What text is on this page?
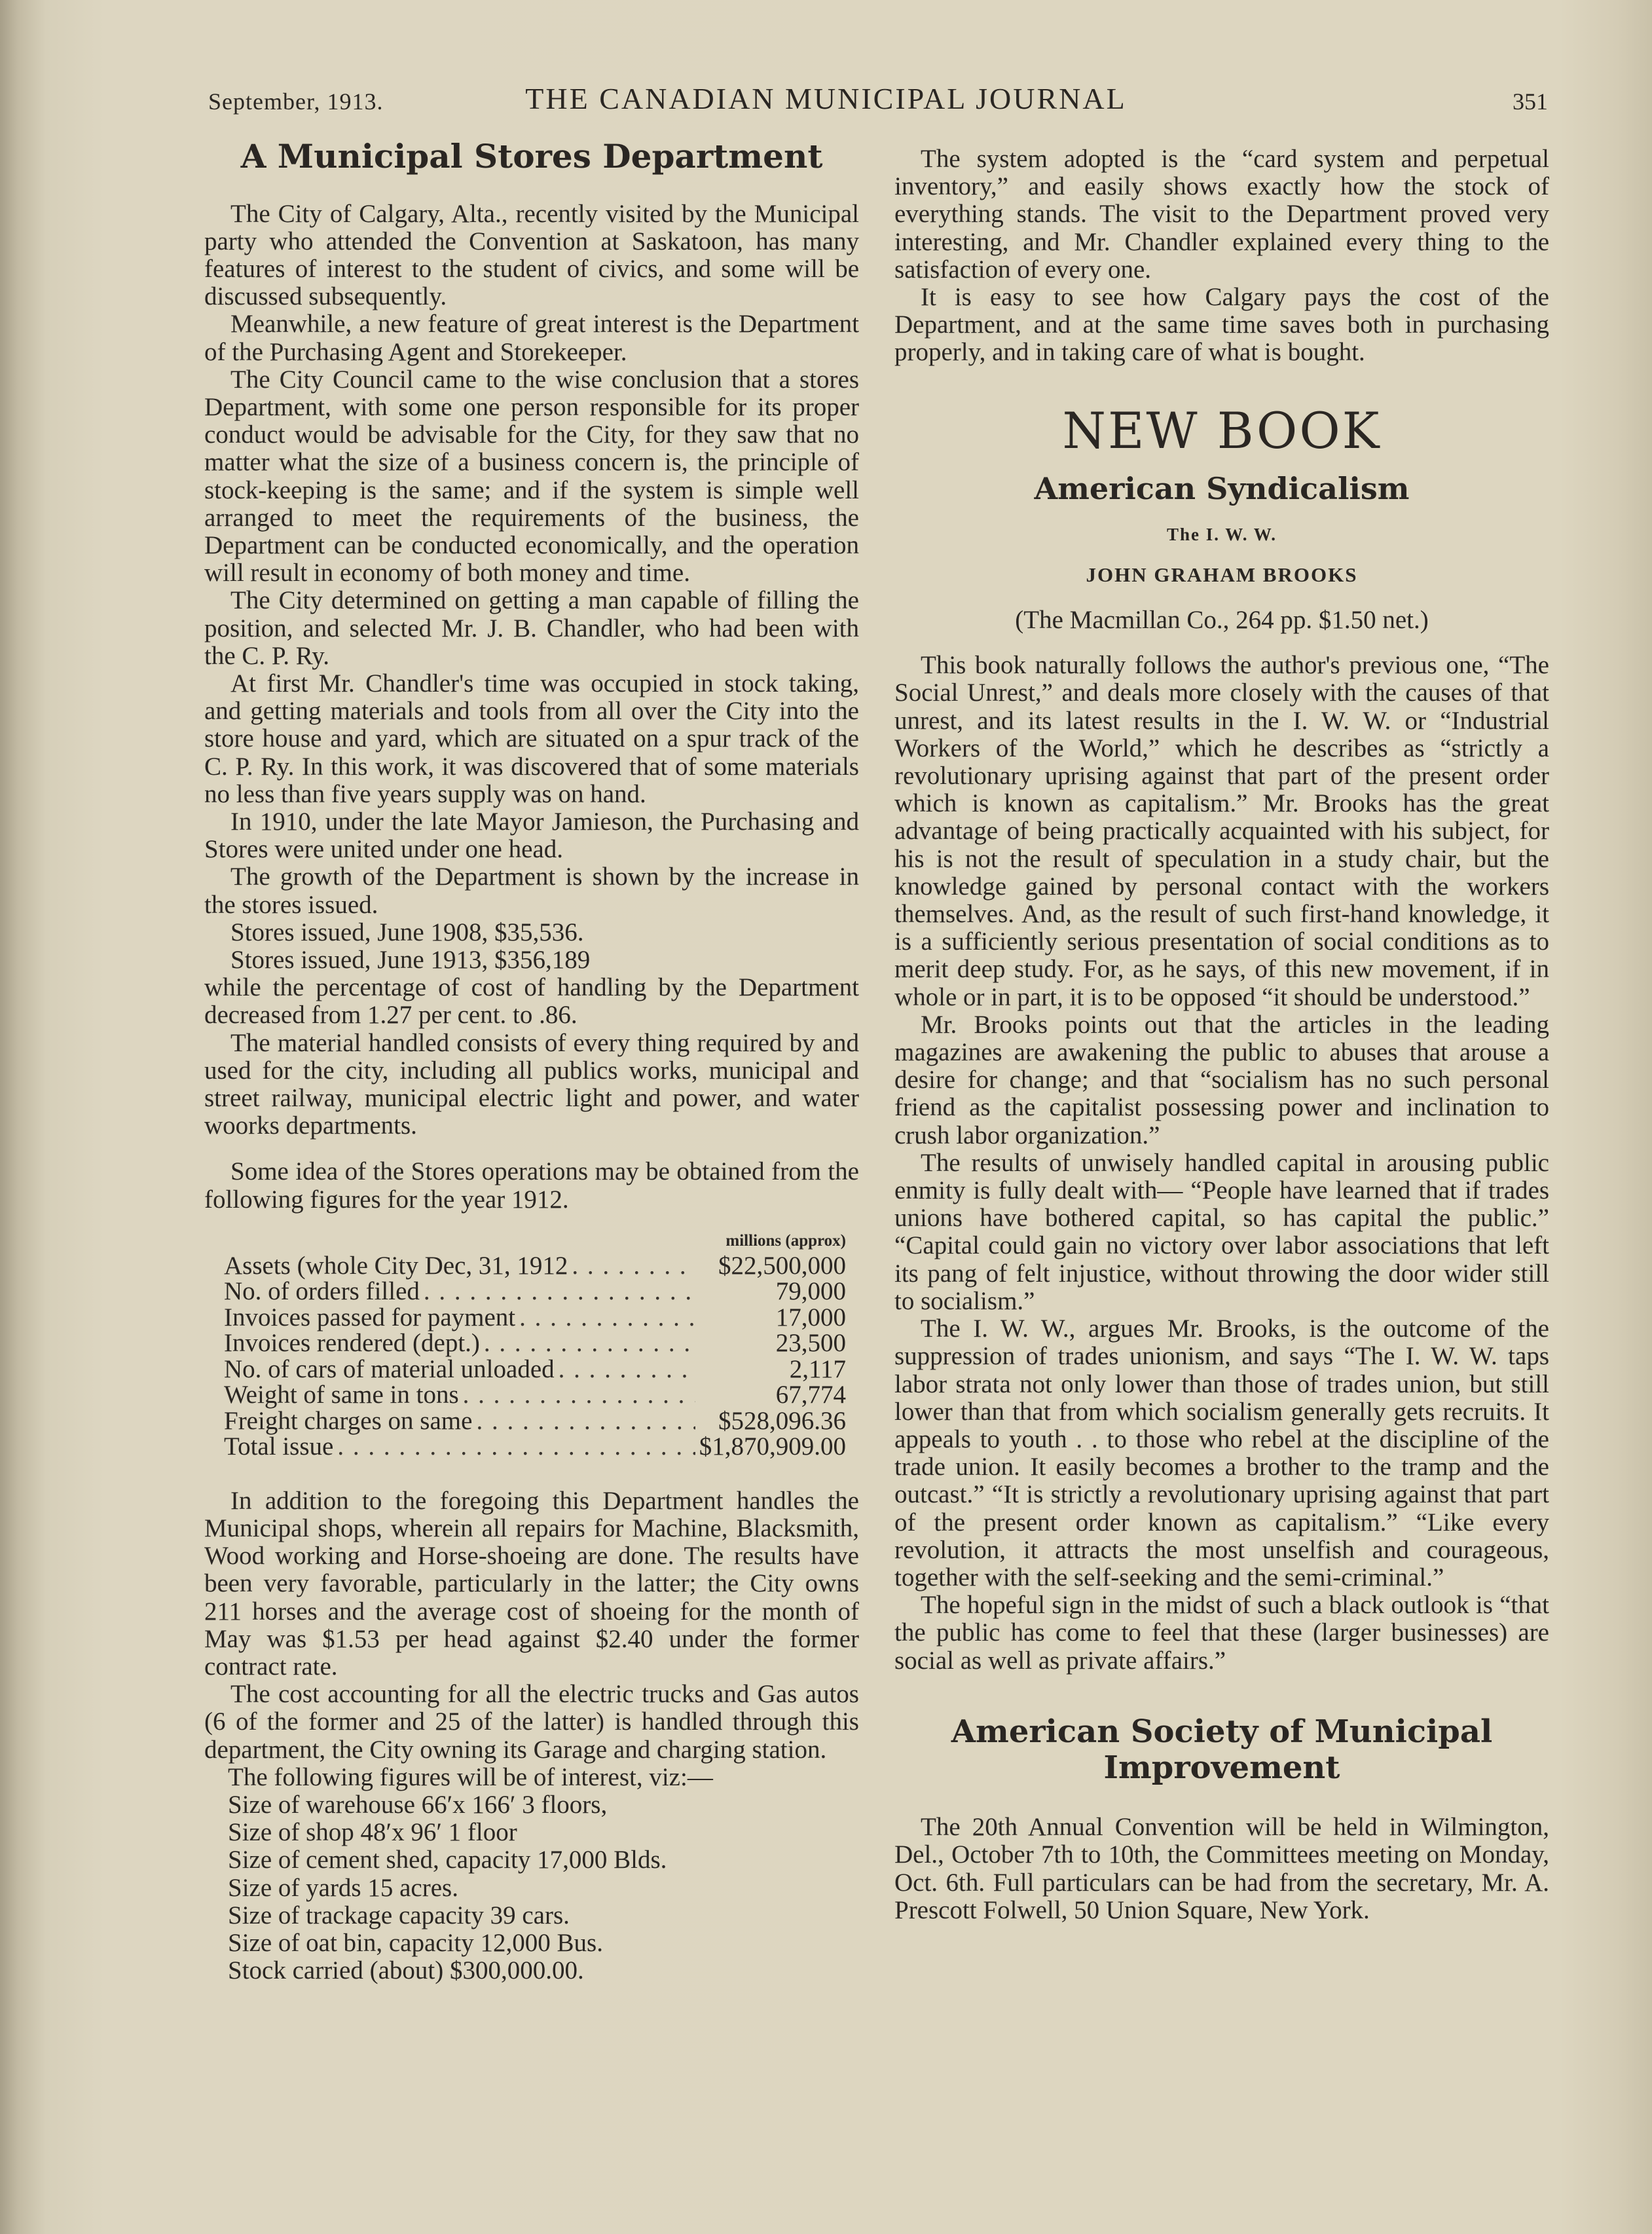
September, 1913.	THE CANADIAN MUNICIPAL JOURNAL	351
A Municipal Stores Department

The City of Calgary, Alta., recently visited by the Municipal party who attended the Convention at Saskatoon, has many features of interest to the student of civics, and some will be discussed subsequently.

Meanwhile, a new feature of great interest is the Department of the Purchasing Agent and Storekeeper.

The City Council came to the wise conclusion that a stores Department, with some one person responsible for its proper conduct would be advisable for the City, for they saw that no matter what the size of a business concern is, the principle of stock-keeping is the same; and if the system is simple well arranged to meet the requirements of the business, the Department can be conducted economically, and the operation will result in economy of both money and time.

The City determined on getting a man capable of filling the position, and selected Mr. J. B. Chandler, who had been with the C. P. Ry.

At first Mr. Chandler's time was occupied in stock taking, and getting materials and tools from all over the City into the store house and yard, which are situated on a spur track of the C. P. Ry. In this work, it was discovered that of some materials no less than five years supply was on hand.

In 1910, under the late Mayor Jamieson, the Purchasing and Stores were united under one head.

The growth of the Department is shown by the increase in the stores issued.

Stores issued, June 1908, $35,536.

Stores issued, June 1913, $356,189

while the percentage of cost of handling by the Department decreased from 1.27 per cent. to .86.

The material handled consists of every thing required by and used for the city, including all publics works, municipal and street railway, municipal electric light and power, and water woorks departments.

Some idea of the Stores operations may be obtained from the following figures for the year 1912.

millions (approx)
Assets (whole City Dec, 31, 1912 . . .	$22,500,000
No. of orders filled . . .	79,000
Invoices passed for payment . . .	17,000
Invoices rendered (dept.) . . .	23,500
No. of cars of material unloaded . . .	2,117
Weight of same in tons . . .	67,774
Freight charges on same . . .	$528,096.36
Total issue . . .	$1,870,909.00

In addition to the foregoing this Department handles the Municipal shops, wherein all repairs for Machine, Blacksmith, Wood working and Horse-shoeing are done. The results have been very favorable, particularly in the latter; the City owns 211 horses and the average cost of shoeing for the month of May was $1.53 per head against $2.40 under the former contract rate.

The cost accounting for all the electric trucks and Gas autos (6 of the former and 25 of the latter) is handled through this department, the City owning its Garage and charging station.

The following figures will be of interest, viz:—

Size of warehouse 66′x 166′ 3 floors,

Size of shop 48′x 96′ 1 floor

Size of cement shed, capacity 17,000 Blds.

Size of yards 15 acres.

Size of trackage capacity 39 cars.

Size of oat bin, capacity 12,000 Bus.

Stock carried (about) $300,000.00.

The system adopted is the “card system and perpetual inventory,” and easily shows exactly how the stock of everything stands. The visit to the Department proved very interesting, and Mr. Chandler explained every thing to the satisfaction of every one.

It is easy to see how Calgary pays the cost of the Department, and at the same time saves both in purchasing properly, and in taking care of what is bought.

NEW BOOK
American Syndicalism
The I. W. W.
JOHN GRAHAM BROOKS
(The Macmillan Co., 264 pp. $1.50 net.)

This book naturally follows the author's previous one, “The Social Unrest,” and deals more closely with the causes of that unrest, and its latest results in the I. W. W. or “Industrial Workers of the World,” which he describes as “strictly a revolutionary uprising against that part of the present order which is known as capitalism.” Mr. Brooks has the great advantage of being practically acquainted with his subject, for his is not the result of speculation in a study chair, but the knowledge gained by personal contact with the workers themselves. And, as the result of such first-hand knowledge, it is a sufficiently serious presentation of social conditions as to merit deep study. For, as he says, of this new movement, if in whole or in part, it is to be opposed “it should be understood.”

Mr. Brooks points out that the articles in the leading magazines are awakening the public to abuses that arouse a desire for change; and that “socialism has no such personal friend as the capitalist possessing power and inclination to crush labor organization.”

The results of unwisely handled capital in arousing public enmity is fully dealt with— “People have learned that if trades unions have bothered capital, so has capital the public.” “Capital could gain no victory over labor associations that left its pang of felt injustice, without throwing the door wider still to socialism.”

The I. W. W., argues Mr. Brooks, is the outcome of the suppression of trades unionism, and says “The I. W. W. taps labor strata not only lower than those of trades union, but still lower than that from which socialism generally gets recruits. It appeals to youth . . to those who rebel at the discipline of the trade union. It easily becomes a brother to the tramp and the outcast.” “It is strictly a revolutionary uprising against that part of the present order known as capitalism.” “Like every revolution, it attracts the most unselfish and courageous, together with the self-seeking and the semi-criminal.”

The hopeful sign in the midst of such a black outlook is “that the public has come to feel that these (larger businesses) are social as well as private affairs.”

American Society of Municipal Improvement

The 20th Annual Convention will be held in Wilmington, Del., October 7th to 10th, the Committees meeting on Monday, Oct. 6th. Full particulars can be had from the secretary, Mr. A. Prescott Folwell, 50 Union Square, New York.
